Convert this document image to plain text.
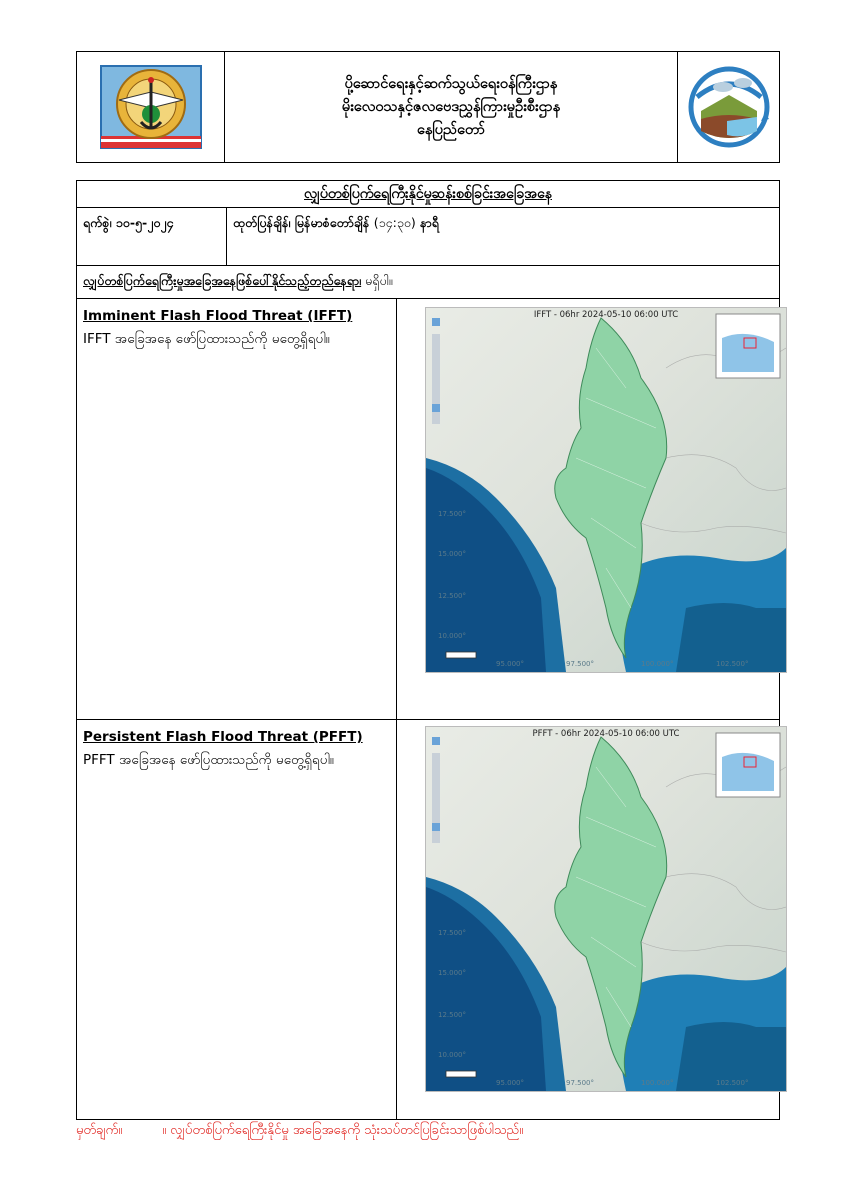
ပို့ဆောင်ရေးနှင့်ဆက်သွယ်ရေးဝန်ကြီးဌာန
မိုးလေဝသနှင့်ဇလဗေဒညွှန်ကြားမှုဦးစီးဌာန
နေပြည်တော်
လျှပ်တစ်ပြက်ရေကြီးနိုင်မှုဆန်းစစ်ခြင်းအခြေအနေ
ရက်စွဲ၊ ၁၀-၅-၂၀၂၄	ထုတ်ပြန်ချိန်၊ မြန်မာစံတော်ချိန် (၁၄:၃၀) နာရီ
လျှပ်တစ်ပြက်ရေကြီးမှုအခြေအနေဖြစ်ပေါ်နိုင်သည့်တည်နေရာ၊ မရှိပါ။
Imminent Flash Flood Threat (IFFT)
IFFT အခြေအနေ ဖော်ပြထားသည်ကို မတွေ့ရှိရပါ။
17.500°
15.000°
12.500°
10.000°
95.000°	97.500°	100.000°	102.500°
IFFT - 06hr 2024-05-10 06:00 UTC
Persistent Flash Flood Threat (PFFT)
PFFT အခြေအနေ ဖော်ပြထားသည်ကို မတွေ့ရှိရပါ။
17.500°
15.000°
12.500°
10.000°
95.000°	97.500°	100.000°	102.500°
PFFT - 06hr 2024-05-10 06:00 UTC
မှတ်ချက်။	။ လျှပ်တစ်ပြက်ရေကြီးနိုင်မှု အခြေအနေကို သုံးသပ်တင်ပြခြင်းသာဖြစ်ပါသည်။
